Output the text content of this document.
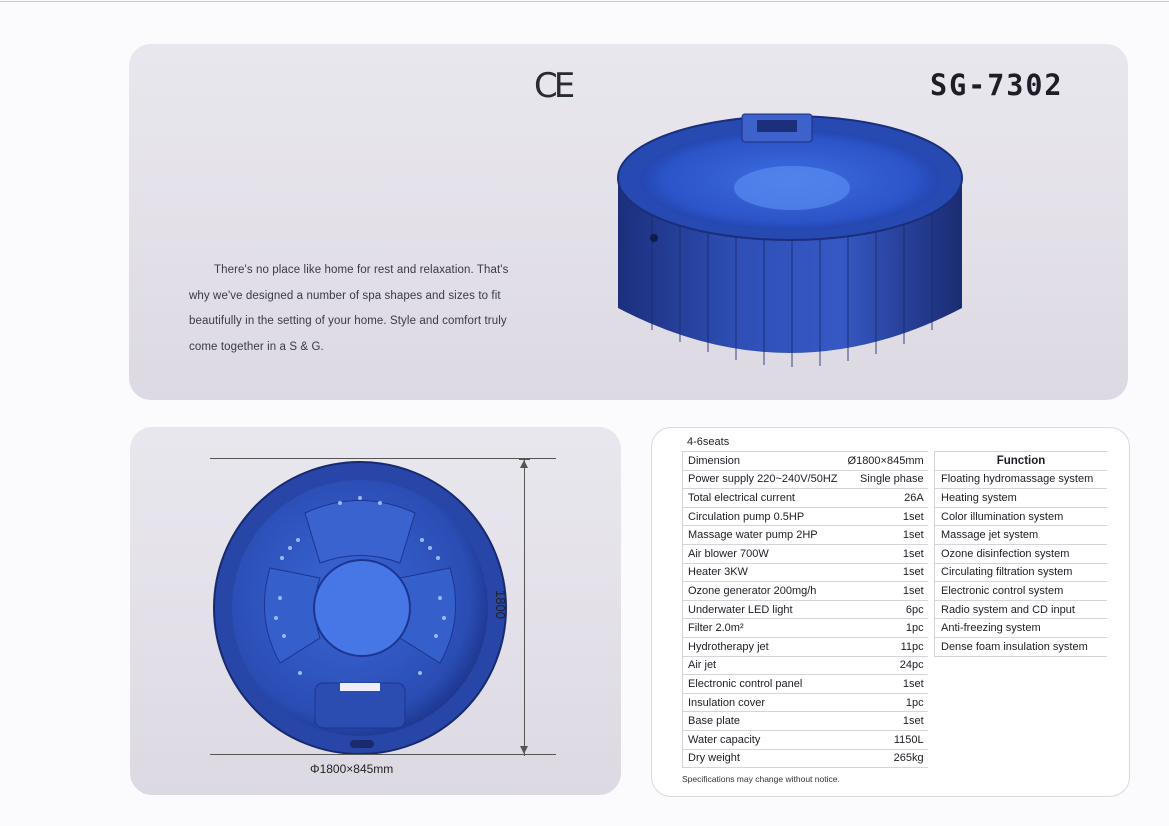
CE	SG-7302

There's no place like home for rest and relaxation. That's why we've designed a number of spa shapes and sizes to fit beautifully in the setting of your home. Style and comfort truly come together in a S & G.

1800
Φ1800×845mm
4-6seats
Dimension	Ø1800×845mm
Power supply 220~240V/50HZ	Single phase
Total electrical current	26A
Circulation pump 0.5HP	1set
Massage water pump 2HP	1set
Air blower 700W	1set
Heater 3KW	1set
Ozone generator 200mg/h	1set
Underwater LED light	6pc
Filter 2.0m²	1pc
Hydrotherapy jet	11pc
Air jet	24pc
Electronic control panel	1set
Insulation cover	1pc
Base plate	1set
Water capacity	1150L
Dry weight	265kg
Function
Floating hydromassage system
Heating system
Color illumination system
Massage jet system
Ozone disinfection system
Circulating filtration system
Electronic control system
Radio system and CD input
Anti-freezing system
Dense foam insulation system
Specifications may change without notice.
